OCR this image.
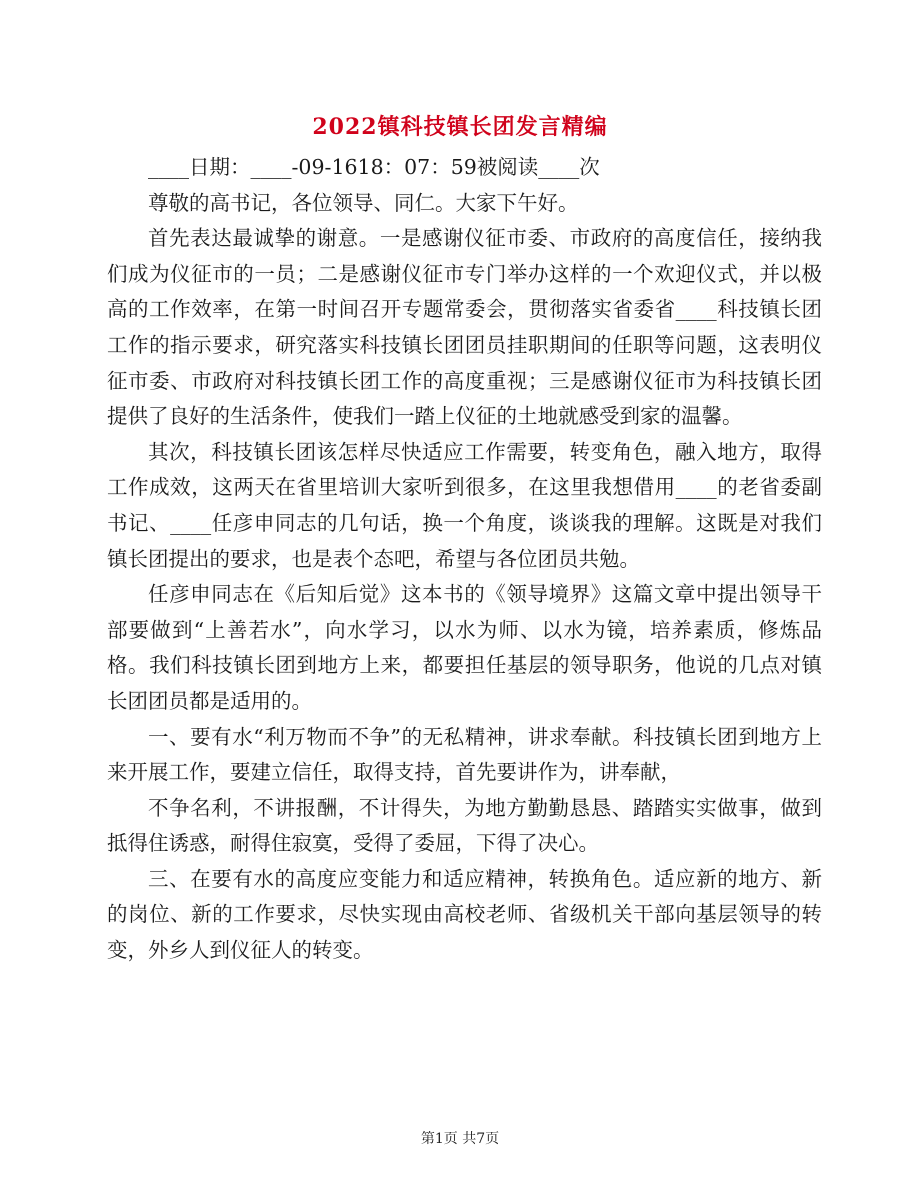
2022镇科技镇长团发言精编

____日期：____-09-1618：07：59被阅读____次

尊敬的高书记，各位领导、同仁。大家下午好。

首先表达最诚挚的谢意。一是感谢仪征市委、市政府的高度信任，接纳我们成为仪征市的一员；二是感谢仪征市专门举办这样的一个欢迎仪式，并以极高的工作效率，在第一时间召开专题常委会，贯彻落实省委省____科技镇长团工作的指示要求，研究落实科技镇长团团员挂职期间的任职等问题，这表明仪征市委、市政府对科技镇长团工作的高度重视；三是感谢仪征市为科技镇长团提供了良好的生活条件，使我们一踏上仪征的土地就感受到家的温馨。

其次，科技镇长团该怎样尽快适应工作需要，转变角色，融入地方，取得工作成效，这两天在省里培训大家听到很多，在这里我想借用____的老省委副书记、____任彦申同志的几句话，换一个角度，谈谈我的理解。这既是对我们镇长团提出的要求，也是表个态吧，希望与各位团员共勉。

任彦申同志在《后知后觉》这本书的《领导境界》这篇文章中提出领导干部要做到“上善若水”，向水学习，以水为师、以水为镜，培养素质，修炼品格。我们科技镇长团到地方上来，都要担任基层的领导职务，他说的几点对镇长团团员都是适用的。

一、要有水“利万物而不争”的无私精神，讲求奉献。科技镇长团到地方上来开展工作，要建立信任，取得支持，首先要讲作为，讲奉献，

不争名利，不讲报酬，不计得失，为地方勤勤恳恳、踏踏实实做事，做到抵得住诱惑，耐得住寂寞，受得了委屈，下得了决心。

三、在要有水的高度应变能力和适应精神，转换角色。适应新的地方、新的岗位、新的工作要求，尽快实现由高校老师、省级机关干部向基层领导的转变，外乡人到仪征人的转变。

第1页 共7页
